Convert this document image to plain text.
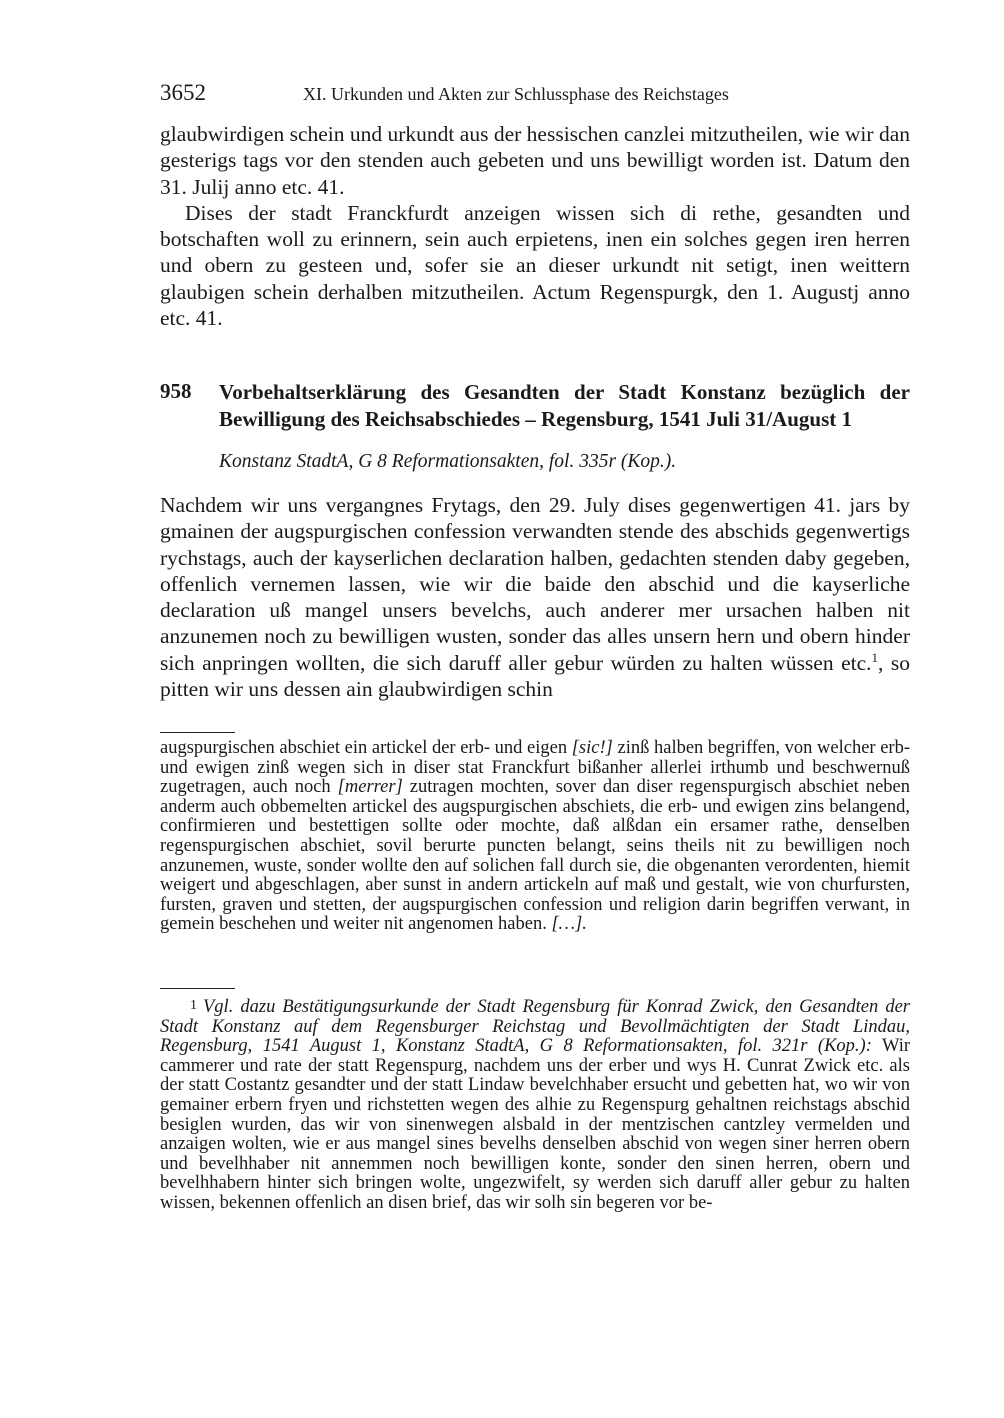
3652	XI. Urkunden und Akten zur Schlussphase des Reichstages

glaubwirdigen schein und urkundt aus der hessischen canzlei mitzutheilen, wie wir dan gesterigs tags vor den stenden auch gebeten und uns bewilligt worden ist. Datum den 31. Julij anno etc. 41.

Dises der stadt Franckfurdt anzeigen wissen sich di rethe, gesandten und botschaften woll zu erinnern, sein auch erpietens, inen ein solches gegen iren herren und obern zu gesteen und, sofer sie an dieser urkundt nit setigt, inen weittern glaubigen schein derhalben mitzutheilen. Actum Regenspurgk, den 1. Augustj anno etc. 41.

958 Vorbehaltserklärung des Gesandten der Stadt Konstanz bezüglich der Bewilligung des Reichsabschiedes – Regensburg, 1541 Juli 31/August 1
Konstanz StadtA, G 8 Reformationsakten, fol. 335r (Kop.).
Nachdem wir uns vergangnes Frytags, den 29. July dises gegenwertigen 41. jars by gmainen der augspurgischen confession verwandten stende des abschids gegenwertigs rychstags, auch der kayserlichen declaration halben, gedachten stenden daby gegeben, offenlich vernemen lassen, wie wir die baide den abschid und die kayserliche declaration uß mangel unsers bevelchs, auch anderer mer ursachen halben nit anzunemen noch zu bewilligen wusten, sonder das alles unsern hern und obern hinder sich anpringen wollten, die sich daruff aller gebur würden zu halten wüssen etc.$^1$, so pitten wir uns dessen ain glaubwirdigen schin
augspurgischen abschiet ein artickel der erb- und eigen [sic!] zinß halben begriffen, von welcher erb- und ewigen zinß wegen sich in diser stat Franckfurt bißanher allerlei irthumb und beschwernuß zugetragen, auch noch [merrer] zutragen mochten, sover dan diser regenspurgisch abschiet neben anderm auch obbemelten artickel des augspurgischen abschiets, die erb- und ewigen zins belangend, confirmieren und bestettigen sollte oder mochte, daß alßdan ein ersamer rathe, denselben regenspurgischen abschiet, sovil berurte puncten belangt, seins theils nit zu bewilligen noch anzunemen, wuste, sonder wollte den auf solichen fall durch sie, die obgenanten verordenten, hiemit weigert und abgeschlagen, aber sunst in andern artickeln auf maß und gestalt, wie von churfursten, fursten, graven und stetten, der augspurgischen confession und religion darin begriffen verwant, in gemein beschehen und weiter nit angenomen haben. […].
1 Vgl. dazu Bestätigungsurkunde der Stadt Regensburg für Konrad Zwick, den Gesandten der Stadt Konstanz auf dem Regensburger Reichstag und Bevollmächtigten der Stadt Lindau, Regensburg, 1541 August 1, Konstanz StadtA, G 8 Reformationsakten, fol. 321r (Kop.): Wir cammerer und rate der statt Regenspurg, nachdem uns der erber und wys H. Cunrat Zwick etc. als der statt Costantz gesandter und der statt Lindaw bevelchhaber ersucht und gebetten hat, wo wir von gemainer erbern fryen und richstetten wegen des alhie zu Regenspurg gehaltnen reichstags abschid besiglen wurden, das wir von sinenwegen alsbald in der mentzischen cantzley vermelden und anzaigen wolten, wie er aus mangel sines bevelhs denselben abschid von wegen siner herren obern und bevelhhaber nit annemmen noch bewilligen konte, sonder den sinen herren, obern und bevelhhabern hinter sich bringen wolte, ungezwifelt, sy werden sich daruff aller gebur zu halten wissen, bekennen offenlich an disen brief, das wir solh sin begeren vor be-
